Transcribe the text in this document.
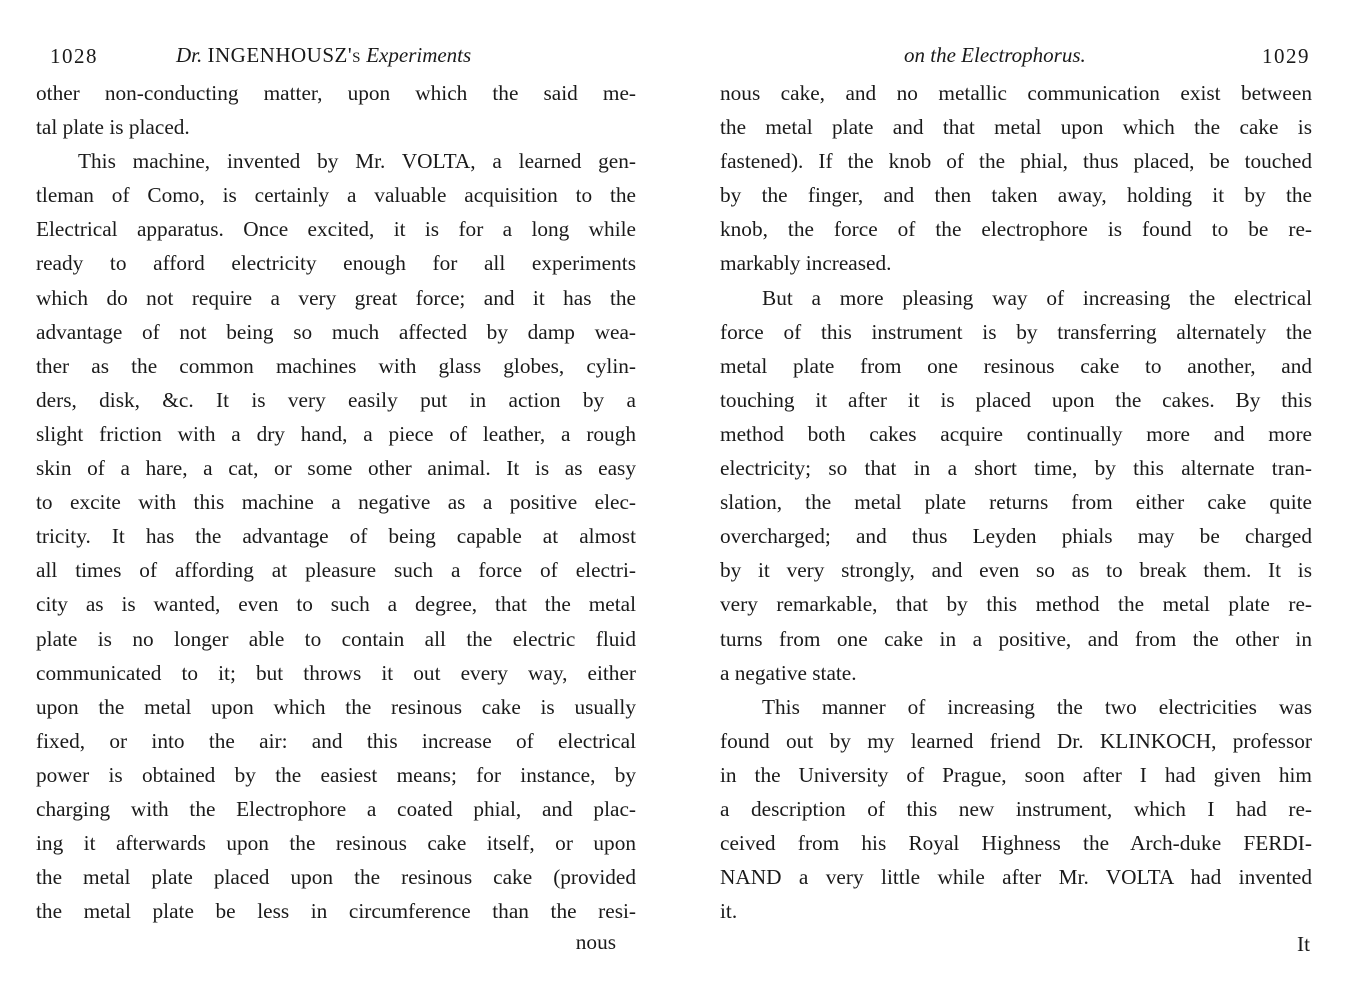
1028	Dr. INGENHOUSZ's Experiments
other non-conducting matter, upon which the said me-
tal plate is placed.
This machine, invented by Mr. VOLTA, a learned gen-
tleman of Como, is certainly a valuable acquisition to the
Electrical apparatus. Once excited, it is for a long while
ready to afford electricity enough for all experiments
which do not require a very great force; and it has the
advantage of not being so much affected by damp wea-
ther as the common machines with glass globes, cylin-
ders, disk, &c. It is very easily put in action by a
slight friction with a dry hand, a piece of leather, a rough
skin of a hare, a cat, or some other animal. It is as easy
to excite with this machine a negative as a positive elec-
tricity. It has the advantage of being capable at almost
all times of affording at pleasure such a force of electri-
city as is wanted, even to such a degree, that the metal
plate is no longer able to contain all the electric fluid
communicated to it; but throws it out every way, either
upon the metal upon which the resinous cake is usually
fixed, or into the air: and this increase of electrical
power is obtained by the easiest means; for instance, by
charging with the Electrophore a coated phial, and plac-
ing it afterwards upon the resinous cake itself, or upon
the metal plate placed upon the resinous cake (provided
the metal plate be less in circumference than the resi-
nous
on the Electrophorus.	1029
nous cake, and no metallic communication exist between
the metal plate and that metal upon which the cake is
fastened). If the knob of the phial, thus placed, be touched
by the finger, and then taken away, holding it by the
knob, the force of the electrophore is found to be re-
markably increased.
But a more pleasing way of increasing the electrical
force of this instrument is by transferring alternately the
metal plate from one resinous cake to another, and
touching it after it is placed upon the cakes. By this
method both cakes acquire continually more and more
electricity; so that in a short time, by this alternate tran-
slation, the metal plate returns from either cake quite
overcharged; and thus Leyden phials may be charged
by it very strongly, and even so as to break them. It is
very remarkable, that by this method the metal plate re-
turns from one cake in a positive, and from the other in
a negative state.
This manner of increasing the two electricities was
found out by my learned friend Dr. KLINKOCH, professor
in the University of Prague, soon after I had given him
a description of this new instrument, which I had re-
ceived from his Royal Highness the Arch-duke FERDI-
NAND a very little while after Mr. VOLTA had invented
it.
It
